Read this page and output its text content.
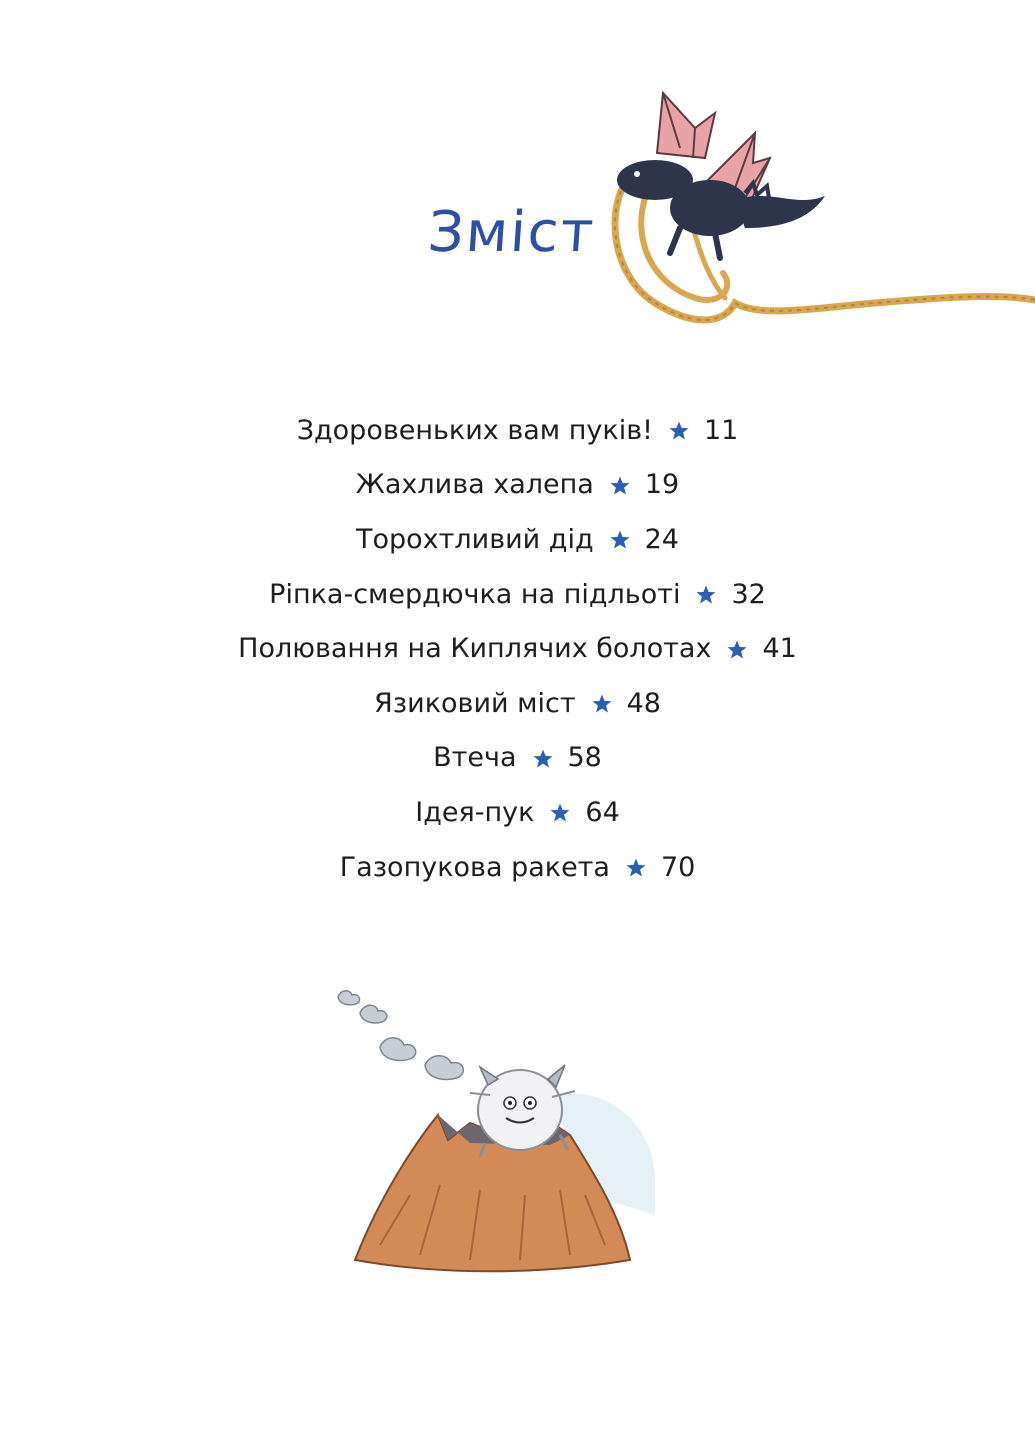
Зміст
Здоровеньких вам пуків! 11
Жахлива халепа 19
Торохтливий дід 24
Ріпка-смердючка на підльоті 32
Полювання на Киплячих болотах 41
Язиковий міст 48
Втеча 58
Ідея-пук 64
Газопукова ракета 70
